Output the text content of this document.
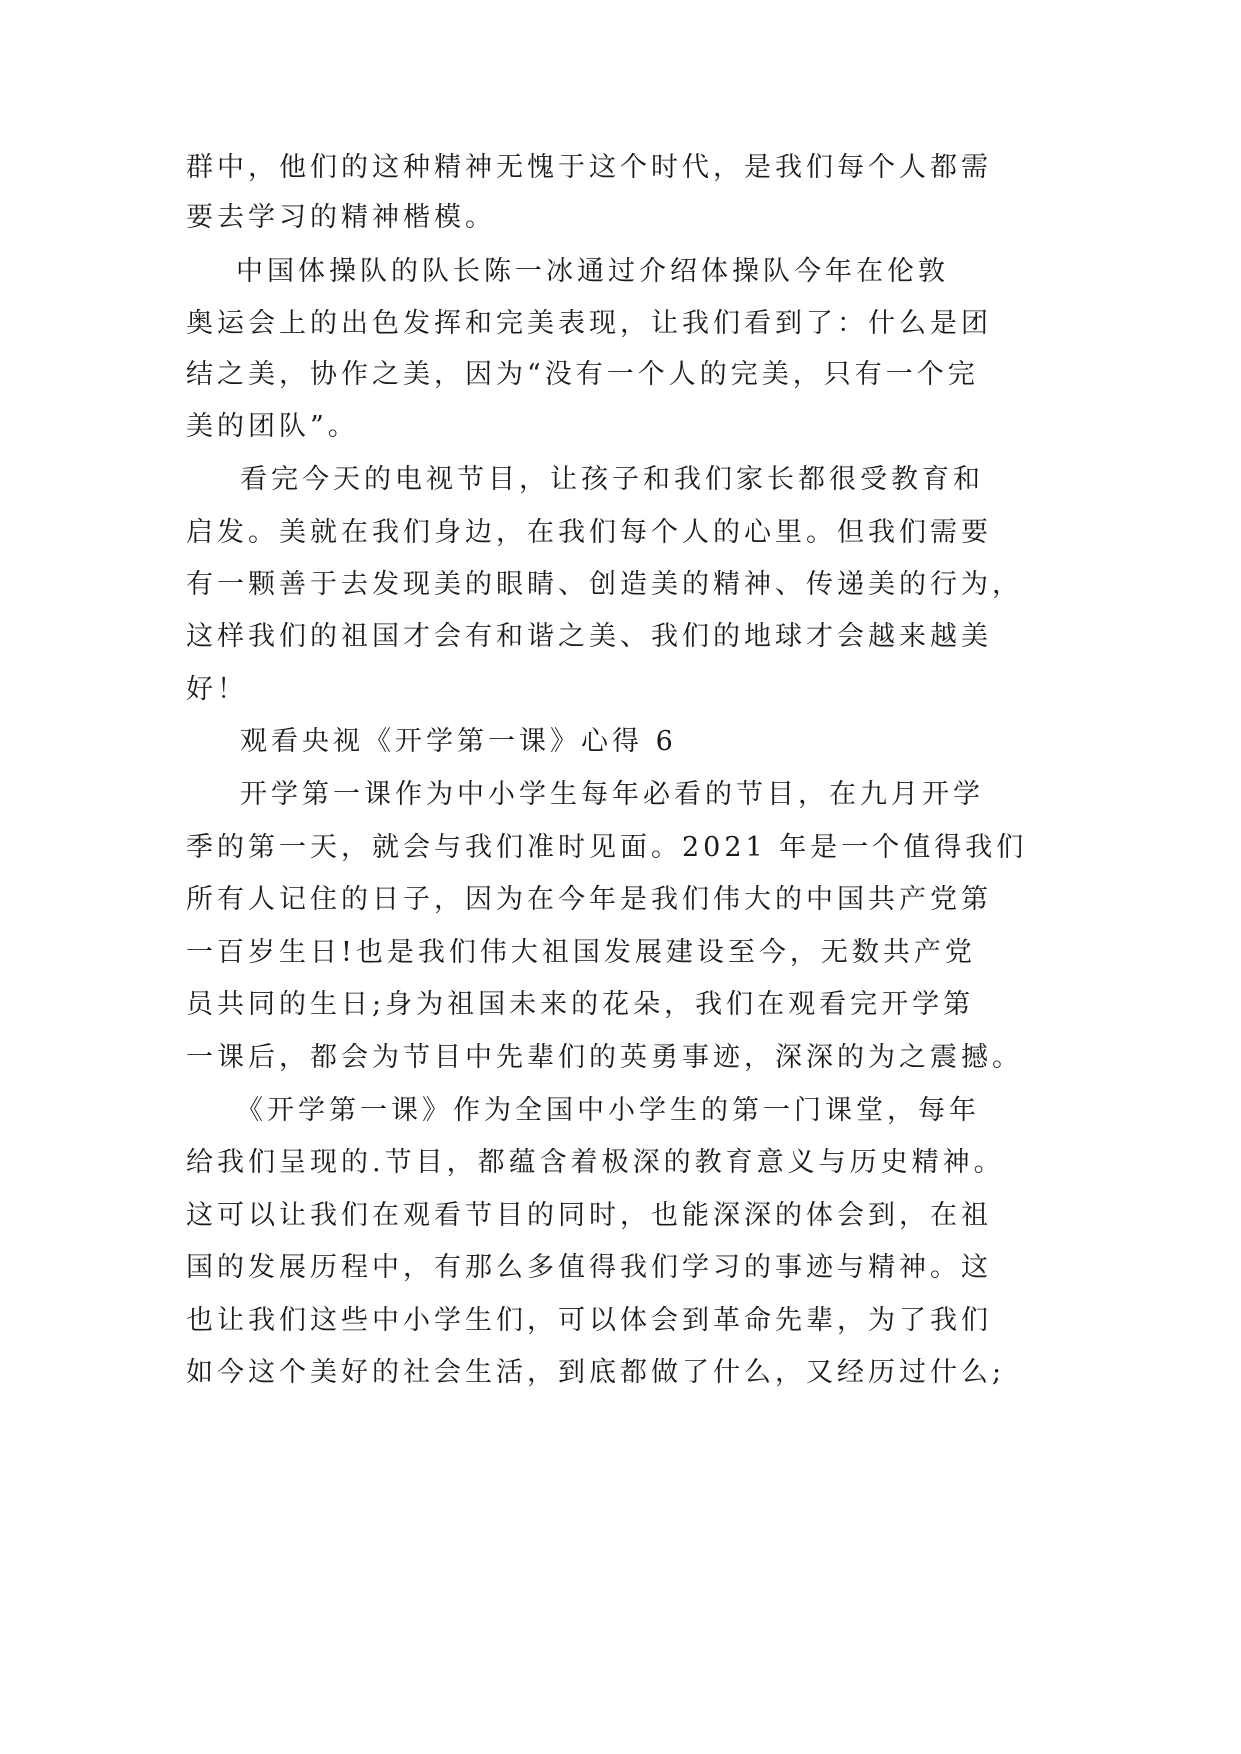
群中，他们的这种精神无愧于这个时代，是我们每个人都需
要去学习的精神楷模。
中国体操队的队长陈一冰通过介绍体操队今年在伦敦
奥运会上的出色发挥和完美表现，让我们看到了：什么是团
结之美，协作之美，因为“没有一个人的完美，只有一个完
美的团队”。
看完今天的电视节目，让孩子和我们家长都很受教育和
启发。美就在我们身边，在我们每个人的心里。但我们需要
有一颗善于去发现美的眼睛、创造美的精神、传递美的行为，
这样我们的祖国才会有和谐之美、我们的地球才会越来越美
好！
观看央视《开学第一课》心得 6
开学第一课作为中小学生每年必看的节目，在九月开学
季的第一天，就会与我们准时见面。2021 年是一个值得我们
所有人记住的日子，因为在今年是我们伟大的中国共产党第
一百岁生日!也是我们伟大祖国发展建设至今，无数共产党
员共同的生日;身为祖国未来的花朵，我们在观看完开学第
一课后，都会为节目中先辈们的英勇事迹，深深的为之震撼。
《开学第一课》作为全国中小学生的第一门课堂，每年
给我们呈现的.节目，都蕴含着极深的教育意义与历史精神。
这可以让我们在观看节目的同时，也能深深的体会到，在祖
国的发展历程中，有那么多值得我们学习的事迹与精神。这
也让我们这些中小学生们，可以体会到革命先辈，为了我们
如今这个美好的社会生活，到底都做了什么，又经历过什么;
